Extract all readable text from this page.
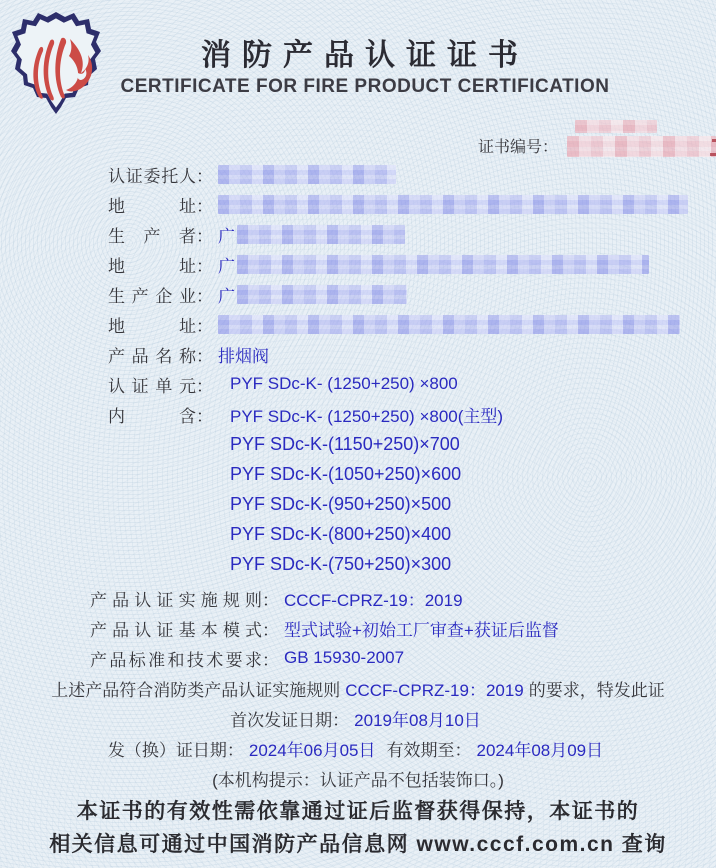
消防产品认证证书
CERTIFICATE FOR FIRE PRODUCT CERTIFICATION
证书编号：
认证委托人 ：
地址 ：
生产者 ： 广
地址 ： 广
生产企业 ： 广
地址 ：
产品名称 ： 排烟阀
认证单元 ：	PYF SDc-K- (1250+250) ×800
内含 ：	PYF SDc-K- (1250+250) ×800(主型)
PYF SDc-K-(1150+250)×700
PYF SDc-K-(1050+250)×600
PYF SDc-K-(950+250)×500
PYF SDc-K-(800+250)×400
PYF SDc-K-(750+250)×300
产品认证实施规则 ： CCCF-CPRZ-19：2019
产品认证基本模式 ： 型式试验+初始工厂审查+获证后监督
产品标准和技术要求 ： GB 15930-2007
上述产品符合消防类产品认证实施规则 CCCF-CPRZ-19：2019 的要求，特发此证
首次发证日期： 2019年08月10日
发（换）证日期： 2024年06月05日 有效期至： 2024年08月09日
(本机构提示：认证产品不包括装饰口。)
本证书的有效性需依靠通过证后监督获得保持，本证书的
相关信息可通过中国消防产品信息网 www.cccf.com.cn 查询
